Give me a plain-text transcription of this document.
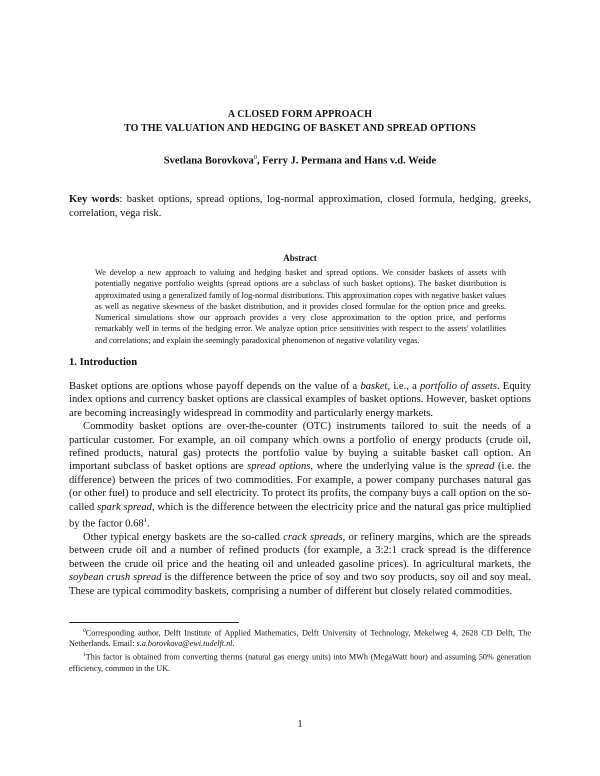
A CLOSED FORM APPROACH
TO THE VALUATION AND HEDGING OF BASKET AND SPREAD OPTIONS
Svetlana Borovkova$^0$, Ferry J. Permana and Hans v.d. Weide
Key words: basket options, spread options, log-normal approximation, closed formula, hedging, greeks, correlation, vega risk.
Abstract
We develop a new approach to valuing and hedging basket and spread options. We consider baskets of assets with potentially negative portfolio weights (spread options are a subclass of such basket options). The basket distribution is approximated using a generalized family of log-normal distributions. This approximation copes with negative basket values as well as negative skewness of the basket distribution, and it provides closed formulae for the option price and greeks. Numerical simulations show our approach provides a very close approximation to the option price, and performs remarkably well in terms of the hedging error. We analyze option price sensitivities with respect to the assets' volatilities and correlations; and explain the seemingly paradoxical phenomenon of negative volatility vegas.
1. Introduction

Basket options are options whose payoff depends on the value of a basket, i.e., a portfolio of assets. Equity index options and currency basket options are classical examples of basket options. However, basket options are becoming increasingly widespread in commodity and particularly energy markets.

Commodity basket options are over-the-counter (OTC) instruments tailored to suit the needs of a particular customer. For example, an oil company which owns a portfolio of energy products (crude oil, refined products, natural gas) protects the portfolio value by buying a suitable basket call option. An important subclass of basket options are spread options, where the underlying value is the spread (i.e. the difference) between the prices of two commodities. For example, a power company purchases natural gas (or other fuel) to produce and sell electricity. To protect its profits, the company buys a call option on the so-called spark spread, which is the difference between the electricity price and the natural gas price multiplied by the factor 0.68$^1$.

Other typical energy baskets are the so-called crack spreads, or refinery margins, which are the spreads between crude oil and a number of refined products (for example, a 3:2:1 crack spread is the difference between the crude oil price and the heating oil and unleaded gasoline prices). In agricultural markets, the soybean crush spread is the difference between the price of soy and two soy products, soy oil and soy meal. These are typical commodity baskets, comprising a number of different but closely related commodities.

$^0$Corresponding author, Delft Institute of Applied Mathematics, Delft University of Technology, Mekelweg 4, 2628 CD Delft, The Netherlands. Email: s.a.borovkova@ewi.tudelft.nl.

$^1$This factor is obtained from converting therms (natural gas energy units) into MWh (MegaWatt hour) and assuming 50% generation efficiency, common in the UK.

1
